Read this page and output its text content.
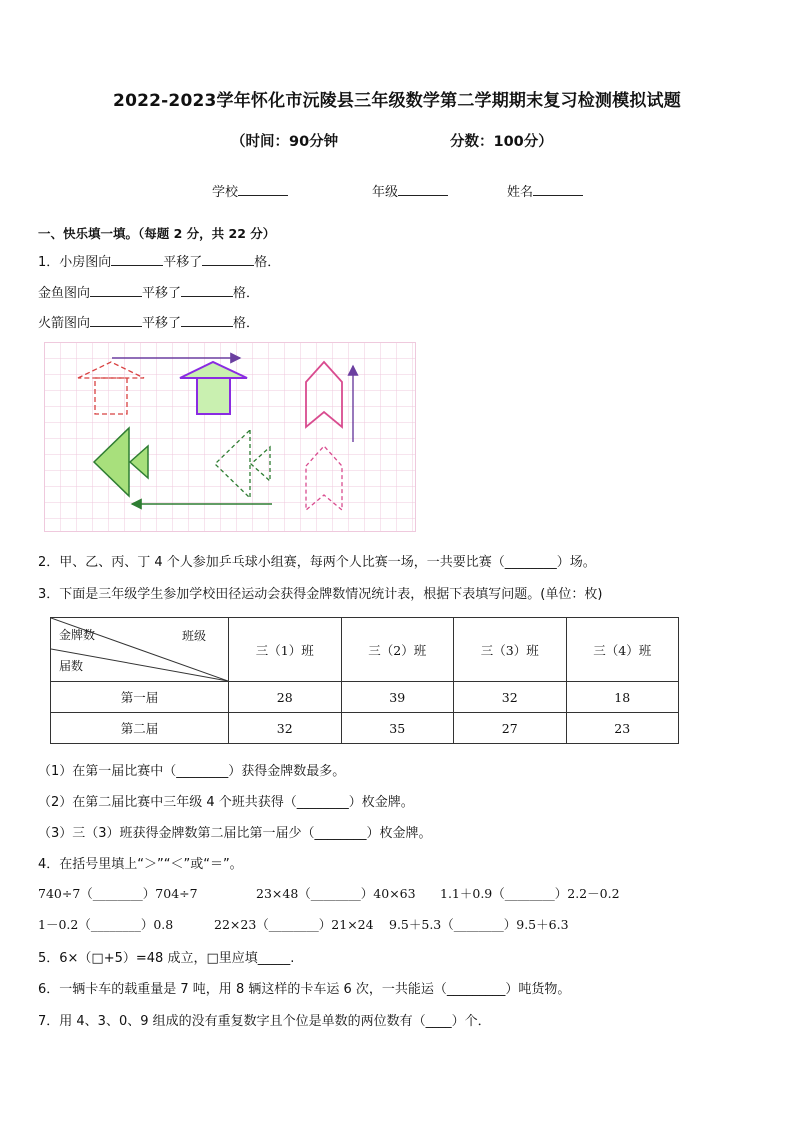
2022-2023学年怀化市沅陵县三年级数学第二学期期末复习检测模拟试题
（时间：90分钟	分数：100分）
学校	年级	姓名
一、快乐填一填。（每题 2 分，共 22 分）
1．小房图向	平移了	格．
金鱼图向	平移了	格．
火箭图向	平移了	格．
2．甲、乙、丙、丁 4 个人参加乒乓球小组赛，每两个人比赛一场，一共要比赛（________）场。
3．下面是三年级学生参加学校田径运动会获得金牌数情况统计表，根据下表填写问题。(单位：枚)
金牌数 班级
届数	三（1）班	三（2）班	三（3）班	三（4）班
第一届	28	39	32	18
第二届	32	35	27	23
（1）在第一届比赛中（________）获得金牌数最多。
（2）在第二届比赛中三年级 4 个班共获得（________）枚金牌。
（3）三（3）班获得金牌数第二届比第一届少（________）枚金牌。
4．在括号里填上“＞”“＜”或“＝”。
740÷7（________）704÷7	23×48（________）40×63 1.1＋0.9（________）2.2－0.2
1－0.2（________）0.8	22×23（________）21×24 9.5＋5.3（________）9.5＋6.3
5．6×（□+5）=48 成立，□里应填_____.
6．一辆卡车的载重量是 7 吨，用 8 辆这样的卡车运 6 次，一共能运（_________）吨货物。
7．用 4、3、0、9 组成的没有重复数字且个位是单数的两位数有（____）个．
